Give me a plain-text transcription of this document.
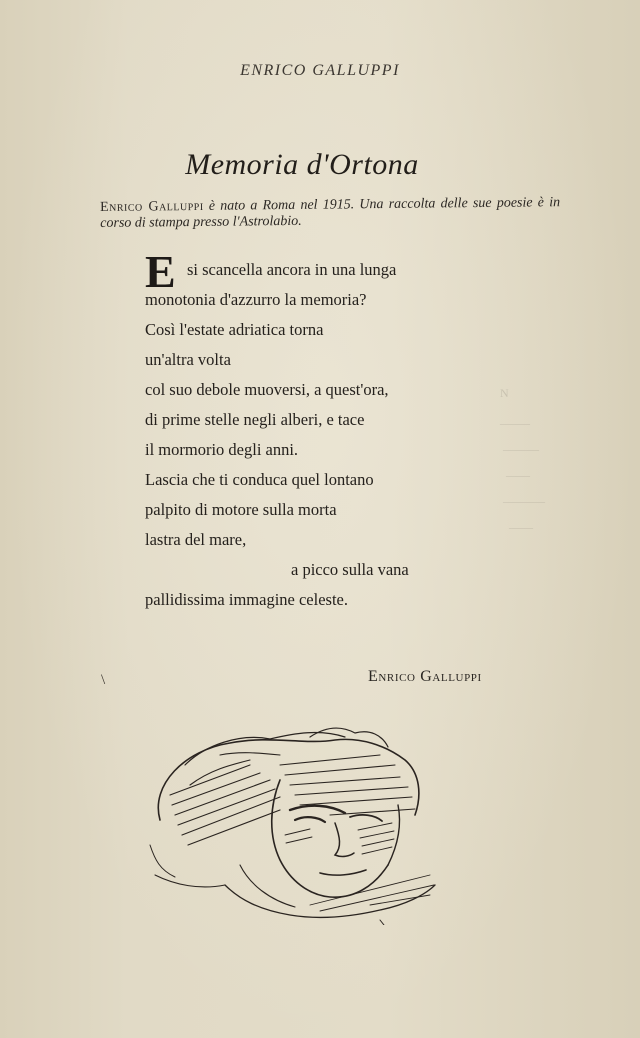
N
_____
______
____
_______
____
ENRICO GALLUPPI
Memoria d'Ortona
Enrico Galluppi è nato a Roma nel 1915. Una raccolta delle sue poesie è in corso di stampa presso l'Astrolabio.
E si scancella ancora in una lunga
monotonia d'azzurro la memoria?
Così l'estate adriatica torna
un'altra volta
col suo debole muoversi, a quest'ora,
di prime stelle negli alberi, e tace
il mormorio degli anni.
Lascia che ti conduca quel lontano
palpito di motore sulla morta
lastra del mare,
a picco sulla vana
pallidissima immagine celeste.
\	Enrico Galluppi
